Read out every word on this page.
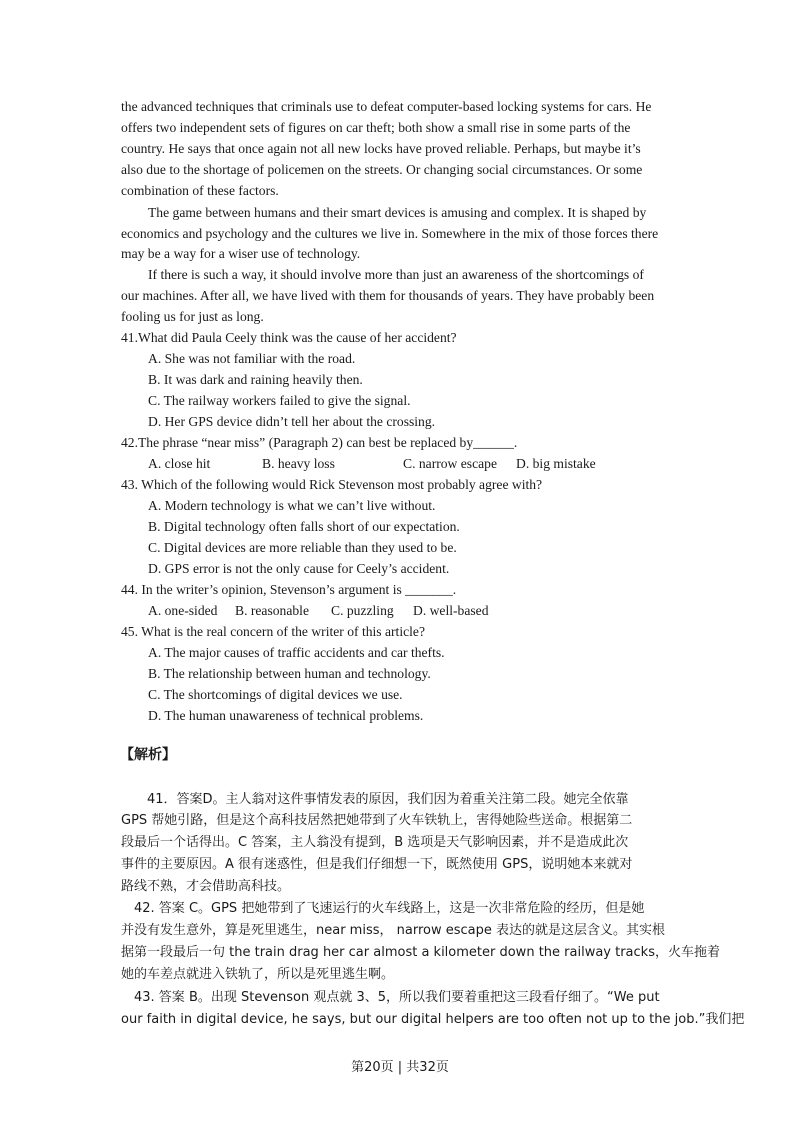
the advanced techniques that criminals use to defeat computer-based locking systems for cars. He
offers two independent sets of figures on car theft; both show a small rise in some parts of the
country. He says that once again not all new locks have proved reliable. Perhaps, but maybe it’s
also due to the shortage of policemen on the streets. Or changing social circumstances. Or some
combination of these factors.
The game between humans and their smart devices is amusing and complex. It is shaped by
economics and psychology and the cultures we live in. Somewhere in the mix of those forces there
may be a way for a wiser use of technology.
If there is such a way, it should involve more than just an awareness of the shortcomings of
our machines. After all, we have lived with them for thousands of years. They have probably been
fooling us for just as long.
41.What did Paula Ceely think was the cause of her accident?
A. She was not familiar with the road.
B. It was dark and raining heavily then.
C. The railway workers failed to give the signal.
D. Her GPS device didn’t tell her about the crossing.
42.The phrase “near miss” (Paragraph 2) can best be replaced by______.
A. close hit	B. heavy loss	C. narrow escape D. big mistake
43. Which of the following would Rick Stevenson most probably agree with?
A. Modern technology is what we can’t live without.
B. Digital technology often falls short of our expectation.
C. Digital devices are more reliable than they used to be.
D. GPS error is not the only cause for Ceely’s accident.
44. In the writer’s opinion, Stevenson’s argument is _______.
A. one-sided B. reasonable C. puzzling D. well-based
45. What is the real concern of the writer of this article?
A. The major causes of traffic accidents and car thefts.
B. The relationship between human and technology.
C. The shortcomings of digital devices we use.
D. The human unawareness of technical problems.
【解析】
41．答案D。主人翁对这件事情发表的原因，我们因为着重关注第二段。她完全依靠
GPS 帮她引路，但是这个高科技居然把她带到了火车铁轨上，害得她险些送命。根据第二
段最后一个话得出。C 答案，主人翁没有提到，B 选项是天气影响因素，并不是造成此次
事件的主要原因。A 很有迷惑性，但是我们仔细想一下，既然使用 GPS，说明她本来就对
路线不熟，才会借助高科技。
42. 答案 C。GPS 把她带到了飞速运行的火车线路上，这是一次非常危险的经历，但是她
并没有发生意外，算是死里逃生，near miss， narrow escape 表达的就是这层含义。其实根
据第一段最后一句 the train drag her car almost a kilometer down the railway tracks，火车拖着
她的车差点就进入铁轨了，所以是死里逃生啊。
43. 答案 B。出现 Stevenson 观点就 3、5，所以我们要着重把这三段看仔细了。“We put
our faith in digital device, he says, but our digital helpers are too often not up to the job.”我们把
第20页 | 共32页
